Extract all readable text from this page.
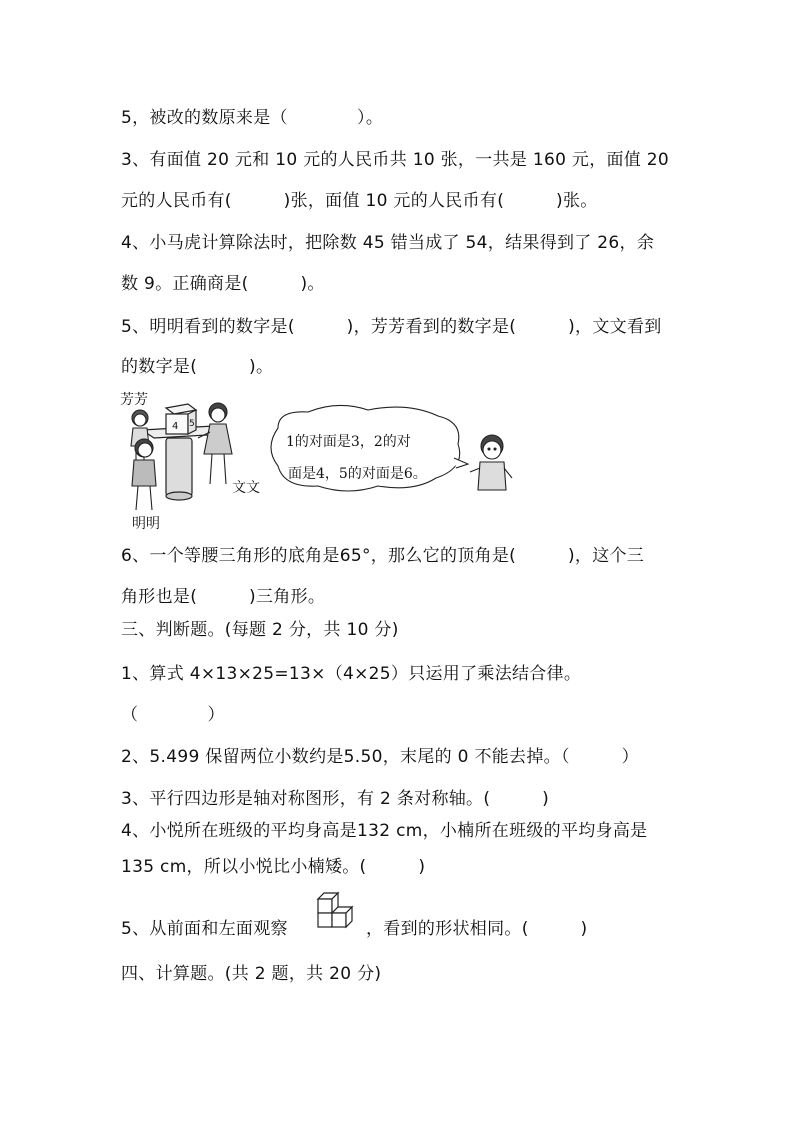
5，被改的数原来是（　　　　）。
3、有面值 20 元和 10 元的人民币共 10 张，一共是 160 元，面值 20
元的人民币有(　　　)张，面值 10 元的人民币有(　　　)张。
4、小马虎计算除法时，把除数 45 错当成了 54，结果得到了 26，余
数 9。正确商是(　　　)。
5、明明看到的数字是(　　　)，芳芳看到的数字是(　　　)，文文看到
的数字是(　　　)。
芳芳
明明
文文
4 5
1的对面是3，2的对
面是4，5的对面是6。
6、一个等腰三角形的底角是65°，那么它的顶角是(　　　)，这个三
角形也是(　　　)三角形。
三、判断题。(每题 2 分，共 10 分)
1、算式 4×13×25=13×（4×25）只运用了乘法结合律。
（　　　　）
2、5.499 保留两位小数约是5.50，末尾的 0 不能去掉。（　　　）
3、平行四边形是轴对称图形，有 2 条对称轴。(　　　)
4、小悦所在班级的平均身高是132 cm，小楠所在班级的平均身高是
135 cm，所以小悦比小楠矮。(　　　)
5、从前面和左面观察	，看到的形状相同。(　　　)
四、计算题。(共 2 题，共 20 分)
